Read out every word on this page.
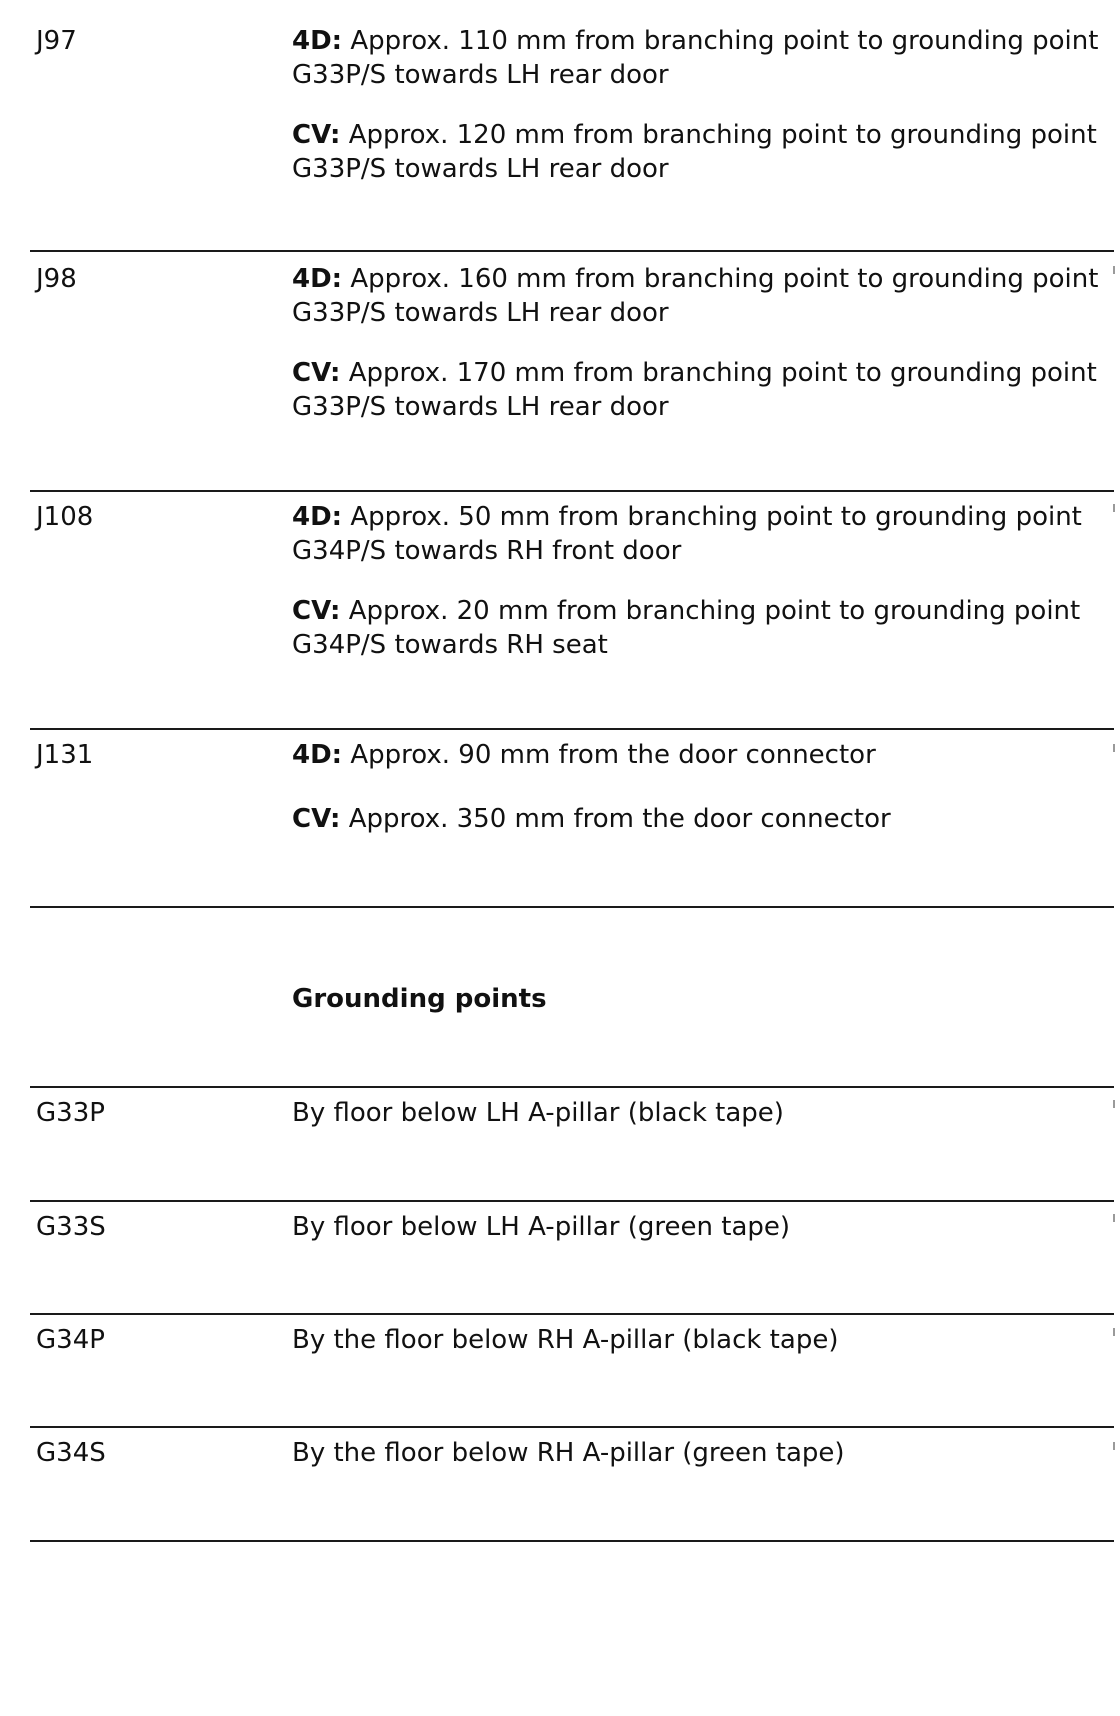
J97	4D: Approx. 110 mm from branching point to grounding point G33P/S towards LH rear door
CV: Approx. 120 mm from branching point to grounding point G33P/S towards LH rear door
J98	4D: Approx. 160 mm from branching point to grounding point G33P/S towards LH rear door
CV: Approx. 170 mm from branching point to grounding point G33P/S towards LH rear door
J108	4D: Approx. 50 mm from branching point to grounding point G34P/S towards RH front door
CV: Approx. 20 mm from branching point to grounding point G34P/S towards RH seat
J131	4D: Approx. 90 mm from the door connector
CV: Approx. 350 mm from the door connector
Grounding points
G33P	By floor below LH A-pillar (black tape)
G33S	By floor below LH A-pillar (green tape)
G34P	By the floor below RH A-pillar (black tape)
G34S	By the floor below RH A-pillar (green tape)
